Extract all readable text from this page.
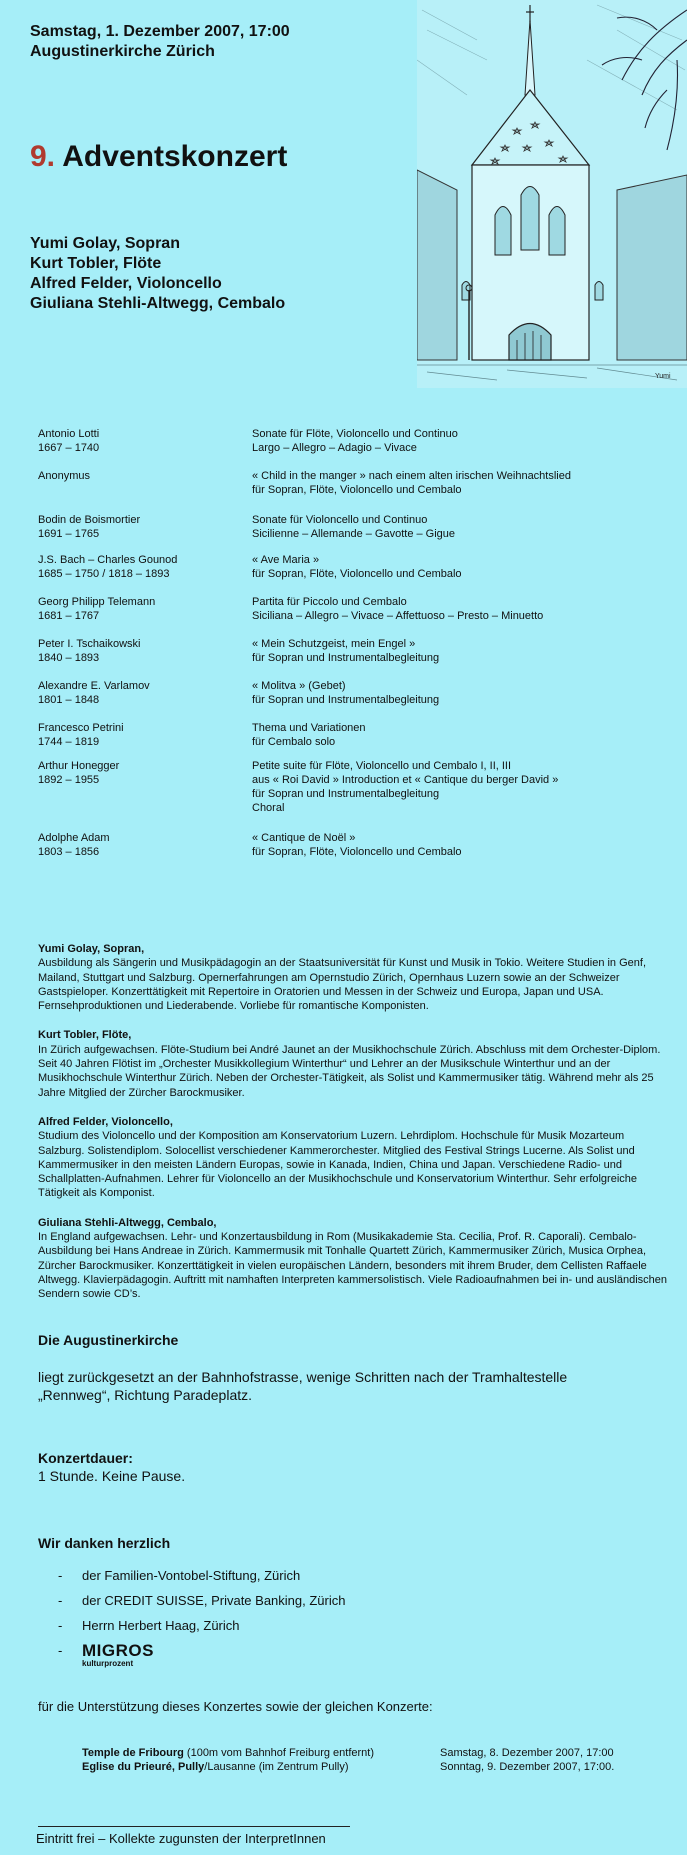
Samstag, 1. Dezember 2007, 17:00
Augustinerkirche Zürich
9. Adventskonzert
Yumi Golay, Sopran
Kurt Tobler, Flöte
Alfred Felder, Violoncello
Giuliana Stehli-Altwegg, Cembalo
Yumi
Antonio Lotti
1667 – 1740
Sonate für Flöte, Violoncello und Continuo
Largo – Allegro – Adagio – Vivace
Anonymus	« Child in the manger » nach einem alten irischen Weihnachtslied
für Sopran, Flöte, Violoncello und Cembalo
Bodin de Boismortier
1691 – 1765
Sonate für Violoncello und Continuo
Sicilienne – Allemande – Gavotte – Gigue
J.S. Bach – Charles Gounod
1685 – 1750 / 1818 – 1893
« Ave Maria »
für Sopran, Flöte, Violoncello und Cembalo
Georg Philipp Telemann
1681 – 1767
Partita für Piccolo und Cembalo
Siciliana – Allegro – Vivace – Affettuoso – Presto – Minuetto
Peter I. Tschaikowski
1840 – 1893
« Mein Schutzgeist, mein Engel »
für Sopran und Instrumentalbegleitung
Alexandre E. Varlamov
1801 – 1848
« Molitva » (Gebet)
für Sopran und Instrumentalbegleitung
Francesco Petrini
1744 – 1819
Thema und Variationen
für Cembalo solo
Arthur Honegger
1892 – 1955
Petite suite für Flöte, Violoncello und Cembalo I, II, III
aus « Roi David » Introduction et « Cantique du berger David »
für Sopran und Instrumentalbegleitung
Choral
Adolphe Adam
1803 – 1856
« Cantique de Noël »
für Sopran, Flöte, Violoncello und Cembalo
Yumi Golay, Sopran,
Ausbildung als Sängerin und Musikpädagogin an der Staatsuniversität für Kunst und Musik in Tokio. Weitere Studien in Genf, Mailand, Stuttgart und Salzburg. Opernerfahrungen am Opernstudio Zürich, Opernhaus Luzern sowie an der Schweizer Gastspieloper. Konzerttätigkeit mit Repertoire in Oratorien und Messen in der Schweiz und Europa, Japan und USA. Fernsehproduktionen und Liederabende. Vorliebe für romantische Komponisten.
Kurt Tobler, Flöte,
In Zürich aufgewachsen. Flöte-Studium bei André Jaunet an der Musikhochschule Zürich. Abschluss mit dem Orchester-Diplom. Seit 40 Jahren Flötist im „Orchester Musikkollegium Winterthur“ und Lehrer an der Musikschule Winterthur und an der Musikhochschule Winterthur Zürich. Neben der Orchester-Tätigkeit, als Solist und Kammermusiker tätig. Während mehr als 25 Jahre Mitglied der Zürcher Barockmusiker.
Alfred Felder, Violoncello,
Studium des Violoncello und der Komposition am Konservatorium Luzern. Lehrdiplom. Hochschule für Musik Mozarteum Salzburg. Solistendiplom. Solocellist verschiedener Kammerorchester. Mitglied des Festival Strings Lucerne. Als Solist und Kammermusiker in den meisten Ländern Europas, sowie in Kanada, Indien, China und Japan. Verschiedene Radio- und Schallplatten-Aufnahmen. Lehrer für Violoncello an der Musikhochschule und Konservatorium Winterthur. Sehr erfolgreiche Tätigkeit als Komponist.
Giuliana Stehli-Altwegg, Cembalo,
In England aufgewachsen. Lehr- und Konzertausbildung in Rom (Musikakademie Sta. Cecilia, Prof. R. Caporali). Cembalo-Ausbildung bei Hans Andreae in Zürich. Kammermusik mit Tonhalle Quartett Zürich, Kammermusiker Zürich, Musica Orphea, Zürcher Barockmusiker. Konzerttätigkeit in vielen europäischen Ländern, besonders mit ihrem Bruder, dem Cellisten Raffaele Altwegg. Klavierpädagogin. Auftritt mit namhaften Interpreten kammersolistisch. Viele Radioaufnahmen bei in- und ausländischen Sendern sowie CD’s.
Die Augustinerkirche
liegt zurückgesetzt an der Bahnhofstrasse, wenige Schritten nach der Tramhaltestelle „Rennweg“, Richtung Paradeplatz.
Konzertdauer:
1 Stunde. Keine Pause.
Wir danken herzlich
- der Familien-Vontobel-Stiftung, Zürich
- der CREDIT SUISSE, Private Banking, Zürich
- Herrn Herbert Haag, Zürich
- MIGROS
kulturprozent
für die Unterstützung dieses Konzertes sowie der gleichen Konzerte:
Temple de Fribourg (100m vom Bahnhof Freiburg entfernt)
Eglise du Prieuré, Pully/Lausanne (im Zentrum Pully)
Samstag, 8. Dezember 2007, 17:00
Sonntag, 9. Dezember 2007, 17:00.
Eintritt frei – Kollekte zugunsten der InterpretInnen
